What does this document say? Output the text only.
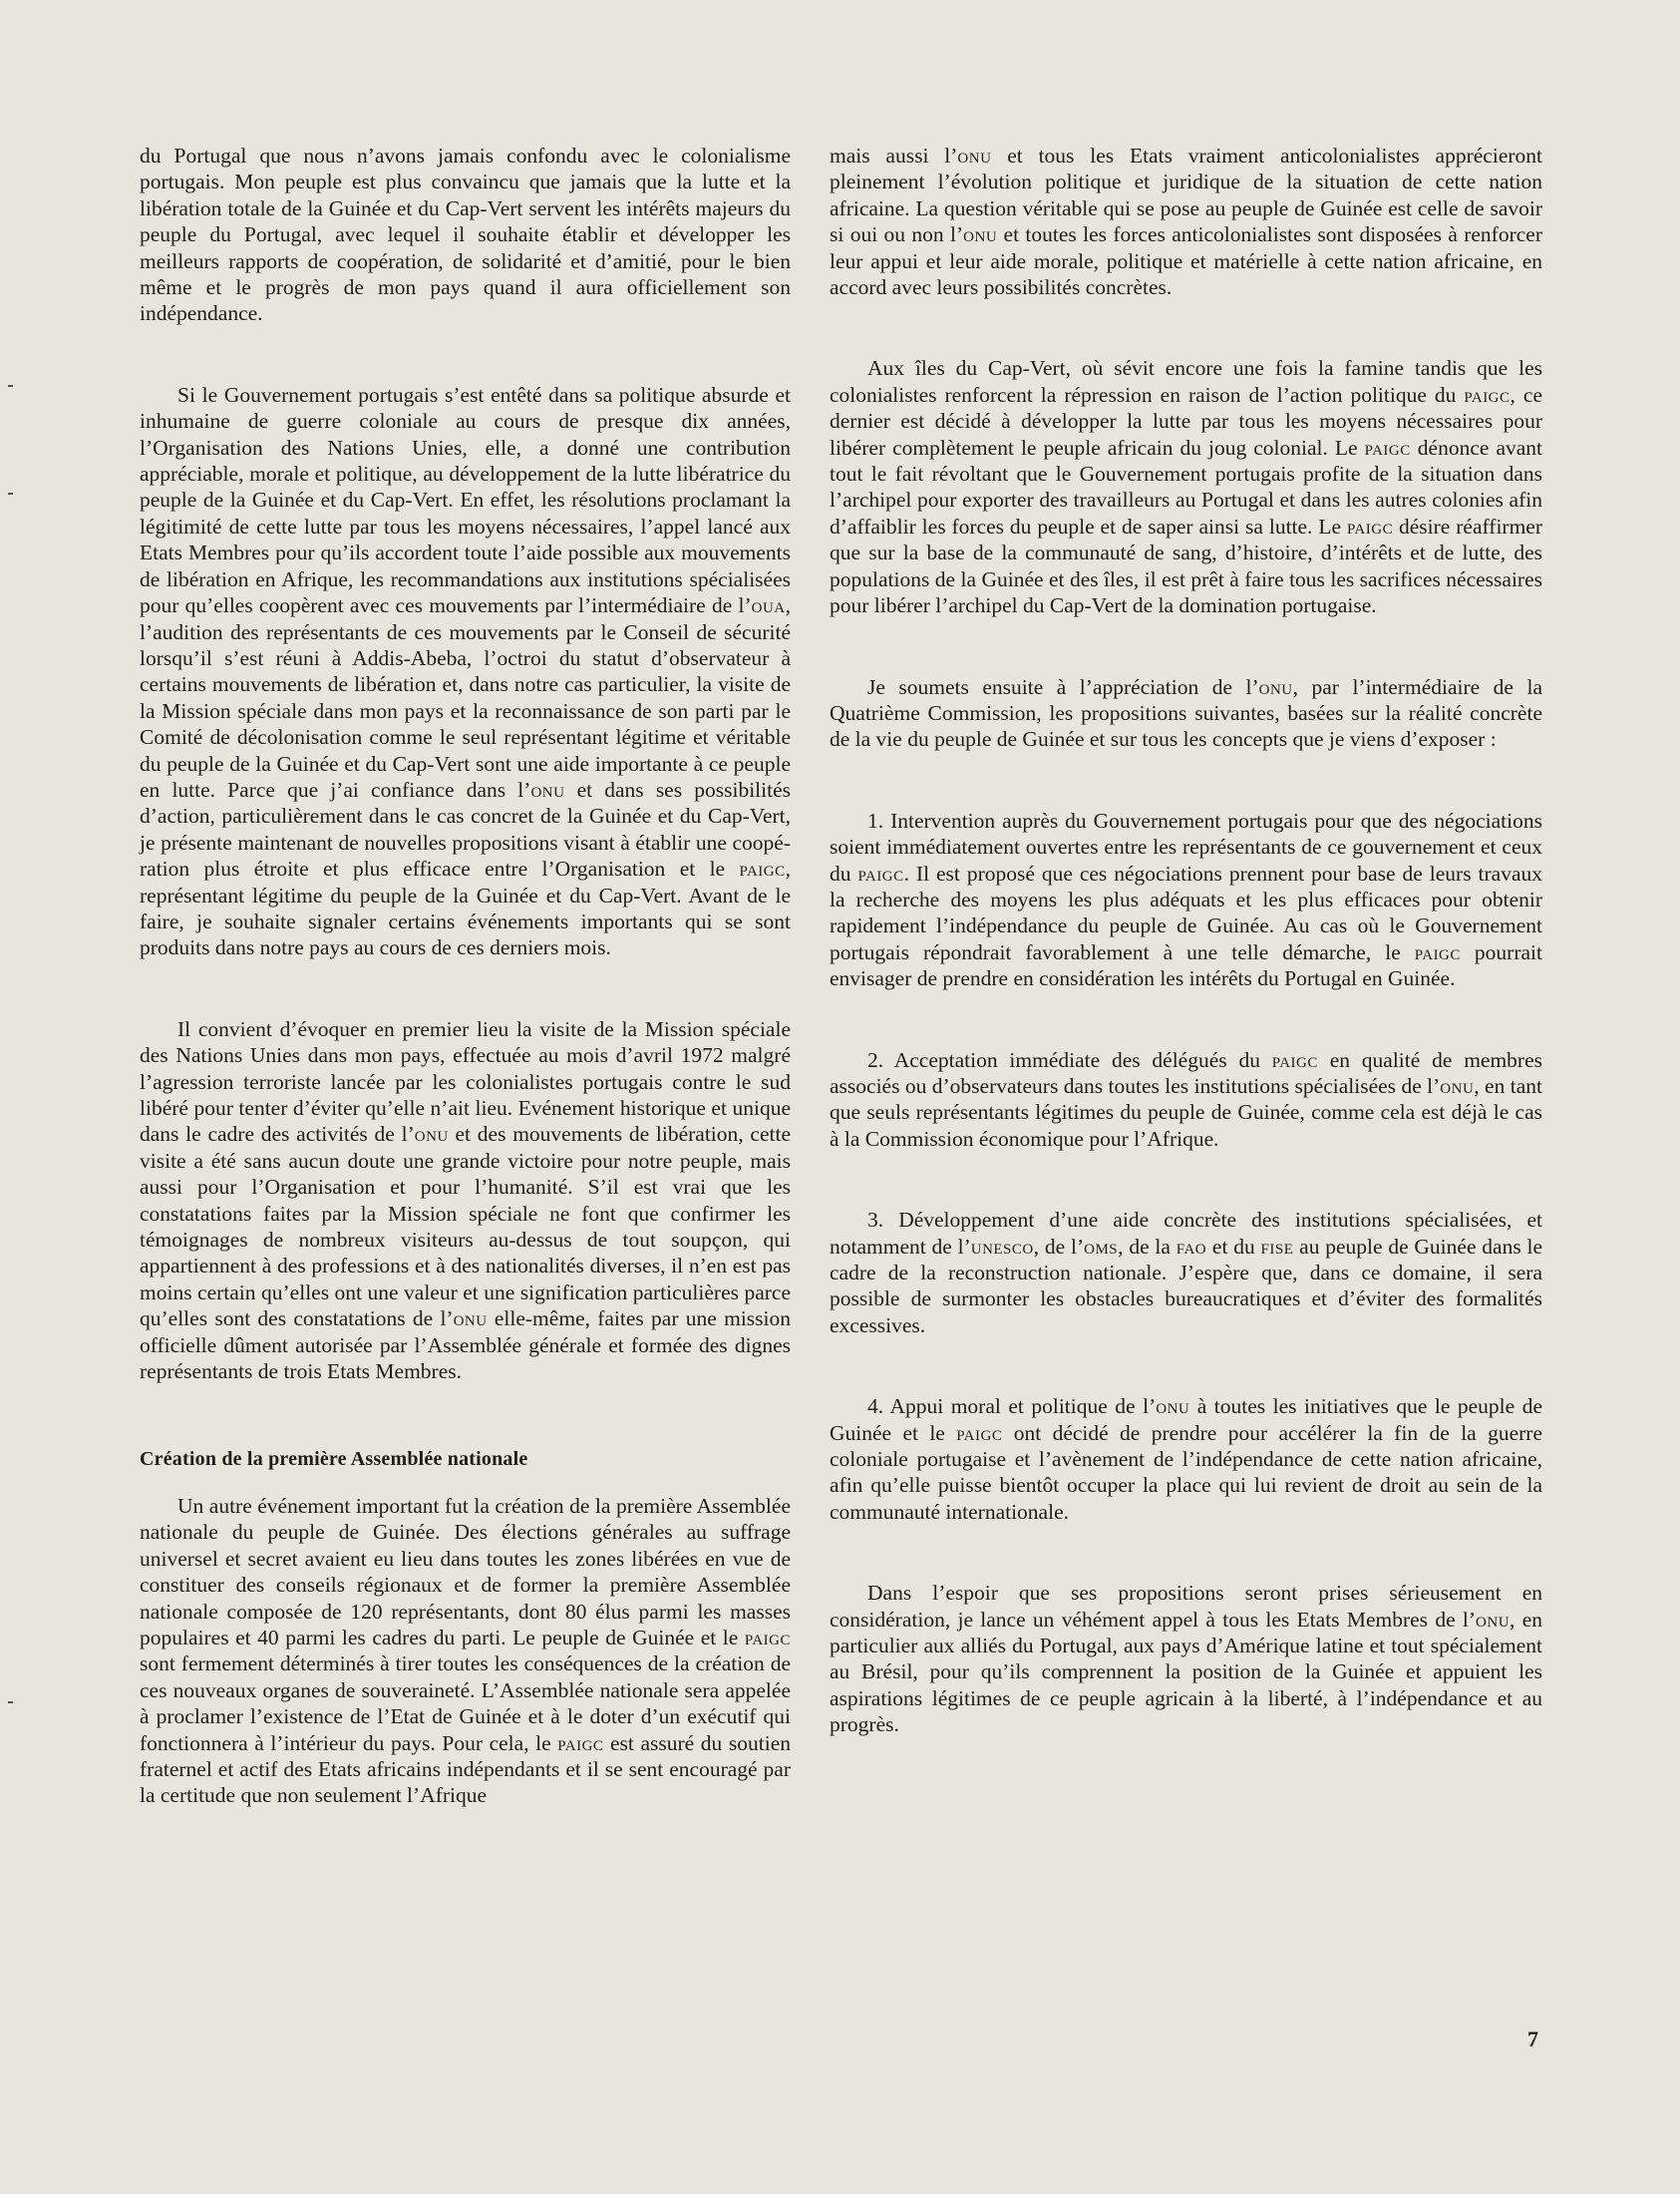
du Portugal que nous n’avons jamais confondu avec le colonialisme portugais. Mon peuple est plus convaincu que jamais que la lutte et la libération totale de la Guinée et du Cap-Vert servent les intérêts majeurs du peuple du Portugal, avec lequel il souhaite établir et développer les meilleurs rapports de coopération, de solidarité et d’amitié, pour le bien même et le progrès de mon pays quand il aura officiellement son indépendance.

Si le Gouvernement portugais s’est entêté dans sa politique absurde et inhumaine de guerre coloniale au cours de presque dix années, l’Organisation des Nations Unies, elle, a donné une contribution appréciable, morale et politique, au développement de la lutte libératrice du peuple de la Guinée et du Cap-Vert. En effet, les résolutions proclamant la légitimité de cette lutte par tous les moyens nécessaires, l’appel lancé aux Etats Membres pour qu’ils accordent toute l’aide possible aux mouvements de libération en Afrique, les recommandations aux institutions spécialisées pour qu’elles coopèrent avec ces mouvements par l’intermédiaire de l’oua, l’audition des représentants de ces mouvements par le Conseil de sécurité lorsqu’il s’est réuni à Addis-Abeba, l’octroi du statut d’observateur à certains mouvements de libération et, dans notre cas particulier, la visite de la Mission spéciale dans mon pays et la reconnaissance de son parti par le Comité de décolonisation comme le seul représentant légitime et véritable du peuple de la Guinée et du Cap-Vert sont une aide importante à ce peuple en lutte. Parce que j’ai confiance dans l’onu et dans ses possibilités d’action, particulièrement dans le cas concret de la Guinée et du Cap-Vert, je présente maintenant de nouvelles propositions visant à établir une coopération plus étroite et plus efficace entre l’Organisation et le paigc, représentant légitime du peuple de la Guinée et du Cap-Vert. Avant de le faire, je souhaite signaler certains événements importants qui se sont produits dans notre pays au cours de ces derniers mois.

Il convient d’évoquer en premier lieu la visite de la Mission spéciale des Nations Unies dans mon pays, effectuée au mois d’avril 1972 malgré l’agression terroriste lancée par les colonialistes portugais contre le sud libéré pour tenter d’éviter qu’elle n’ait lieu. Evénement historique et unique dans le cadre des activités de l’onu et des mouvements de libération, cette visite a été sans aucun doute une grande victoire pour notre peuple, mais aussi pour l’Organisation et pour l’humanité. S’il est vrai que les constatations faites par la Mission spéciale ne font que confirmer les témoignages de nombreux visiteurs au-dessus de tout soupçon, qui appartiennent à des professions et à des nationalités diverses, il n’en est pas moins certain qu’elles ont une valeur et une signification particulières parce qu’elles sont des constatations de l’onu elle-même, faites par une mission officielle dûment autorisée par l’Assemblée générale et formée des dignes représentants de trois Etats Membres.

Création de la première Assemblée nationale

Un autre événement important fut la création de la première Assemblée nationale du peuple de Guinée. Des élections générales au suffrage universel et secret avaient eu lieu dans toutes les zones libérées en vue de constituer des conseils régionaux et de former la première Assemblée nationale composée de 120 représentants, dont 80 élus parmi les masses populaires et 40 parmi les cadres du parti. Le peuple de Guinée et le paigc sont fermement déterminés à tirer toutes les conséquences de la création de ces nouveaux organes de souveraineté. L’Assemblée nationale sera appelée à proclamer l’existence de l’Etat de Guinée et à le doter d’un exécutif qui fonctionnera à l’intérieur du pays. Pour cela, le paigc est assuré du soutien fraternel et actif des Etats africains indépendants et il se sent encouragé par la certitude que non seulement l’Afrique

mais aussi l’onu et tous les Etats vraiment anticolonialistes apprécieront pleinement l’évolution politique et juridique de la situation de cette nation africaine. La question véritable qui se pose au peuple de Guinée est celle de savoir si oui ou non l’onu et toutes les forces anticolonialistes sont disposées à renforcer leur appui et leur aide morale, politique et matérielle à cette nation africaine, en accord avec leurs possibilités concrètes.

Aux îles du Cap-Vert, où sévit encore une fois la famine tandis que les colonialistes renforcent la répression en raison de l’action politique du paigc, ce dernier est décidé à développer la lutte par tous les moyens nécessaires pour libérer complètement le peuple africain du joug colonial. Le paigc dénonce avant tout le fait révoltant que le Gouvernement portugais profite de la situation dans l’archipel pour exporter des travailleurs au Portugal et dans les autres colonies afin d’affaiblir les forces du peuple et de saper ainsi sa lutte. Le paigc désire réaffirmer que sur la base de la communauté de sang, d’histoire, d’intérêts et de lutte, des populations de la Guinée et des îles, il est prêt à faire tous les sacrifices nécessaires pour libérer l’archipel du Cap-Vert de la domination portugaise.

Je soumets ensuite à l’appréciation de l’onu, par l’intermédiaire de la Quatrième Commission, les propositions suivantes, basées sur la réalité concrète de la vie du peuple de Guinée et sur tous les concepts que je viens d’exposer :

1. Intervention auprès du Gouvernement portugais pour que des négociations soient immédiatement ouvertes entre les représentants de ce gouvernement et ceux du paigc. Il est proposé que ces négociations prennent pour base de leurs travaux la recherche des moyens les plus adéquats et les plus efficaces pour obtenir rapidement l’indépendance du peuple de Guinée. Au cas où le Gouvernement portugais répondrait favorablement à une telle démarche, le paigc pourrait envisager de prendre en considération les intérêts du Portugal en Guinée.

2. Acceptation immédiate des délégués du paigc en qualité de membres associés ou d’observateurs dans toutes les institutions spécialisées de l’onu, en tant que seuls représentants légitimes du peuple de Guinée, comme cela est déjà le cas à la Commission économique pour l’Afrique.

3. Développement d’une aide concrète des institutions spécialisées, et notamment de l’unesco, de l’oms, de la fao et du fise au peuple de Guinée dans le cadre de la reconstruction nationale. J’espère que, dans ce domaine, il sera possible de surmonter les obstacles bureaucratiques et d’éviter des formalités excessives.

4. Appui moral et politique de l’onu à toutes les initiatives que le peuple de Guinée et le paigc ont décidé de prendre pour accélérer la fin de la guerre coloniale portugaise et l’avènement de l’indépendance de cette nation africaine, afin qu’elle puisse bientôt occuper la place qui lui revient de droit au sein de la communauté internationale.

Dans l’espoir que ses propositions seront prises sérieusement en considération, je lance un véhément appel à tous les Etats Membres de l’onu, en particulier aux alliés du Portugal, aux pays d’Amérique latine et tout spécialement au Brésil, pour qu’ils comprennent la position de la Guinée et appuient les aspirations légitimes de ce peuple agricain à la liberté, à l’indépendance et au progrès.

7
